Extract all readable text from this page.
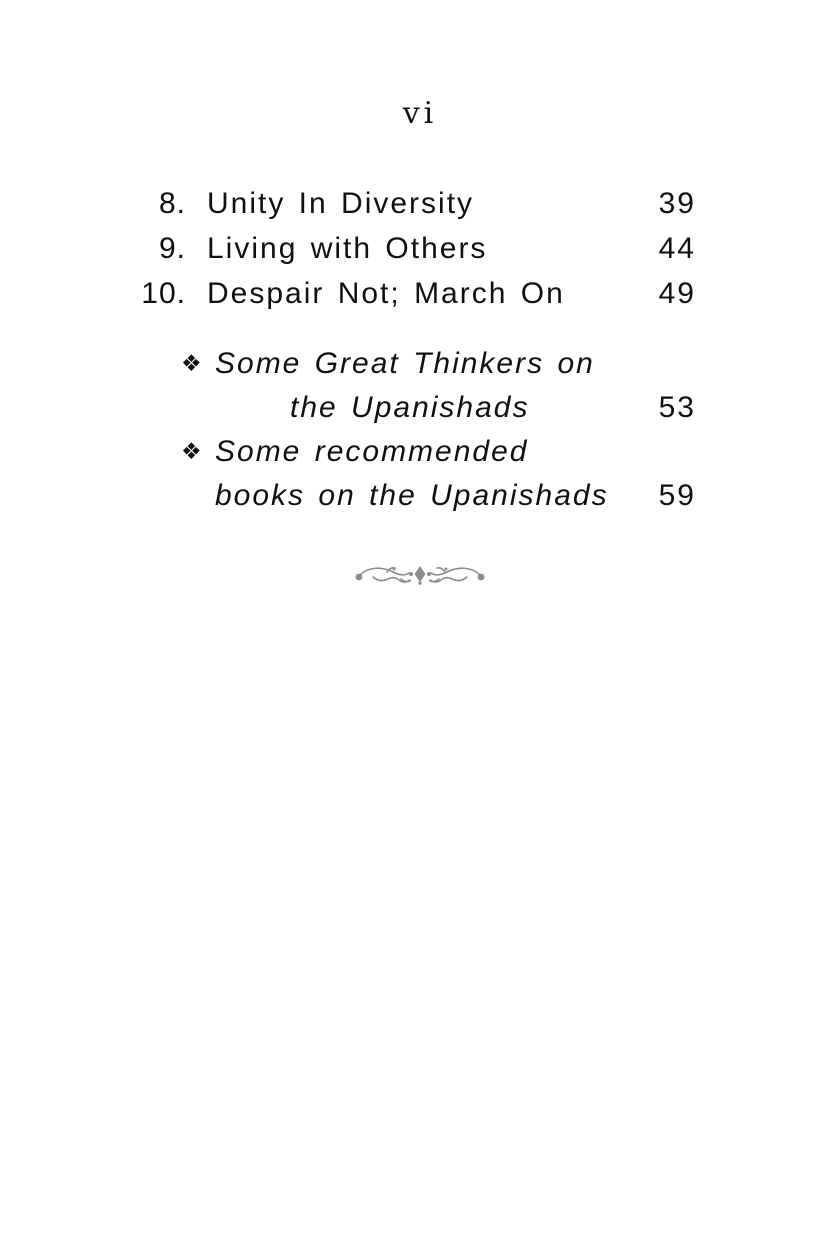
vi
8. Unity In Diversity	39
9. Living with Others	44
10. Despair Not; March On	49
❖ Some Great Thinkers on
the Upanishads	53
❖ Some recommended
books on the Upanishads	59
